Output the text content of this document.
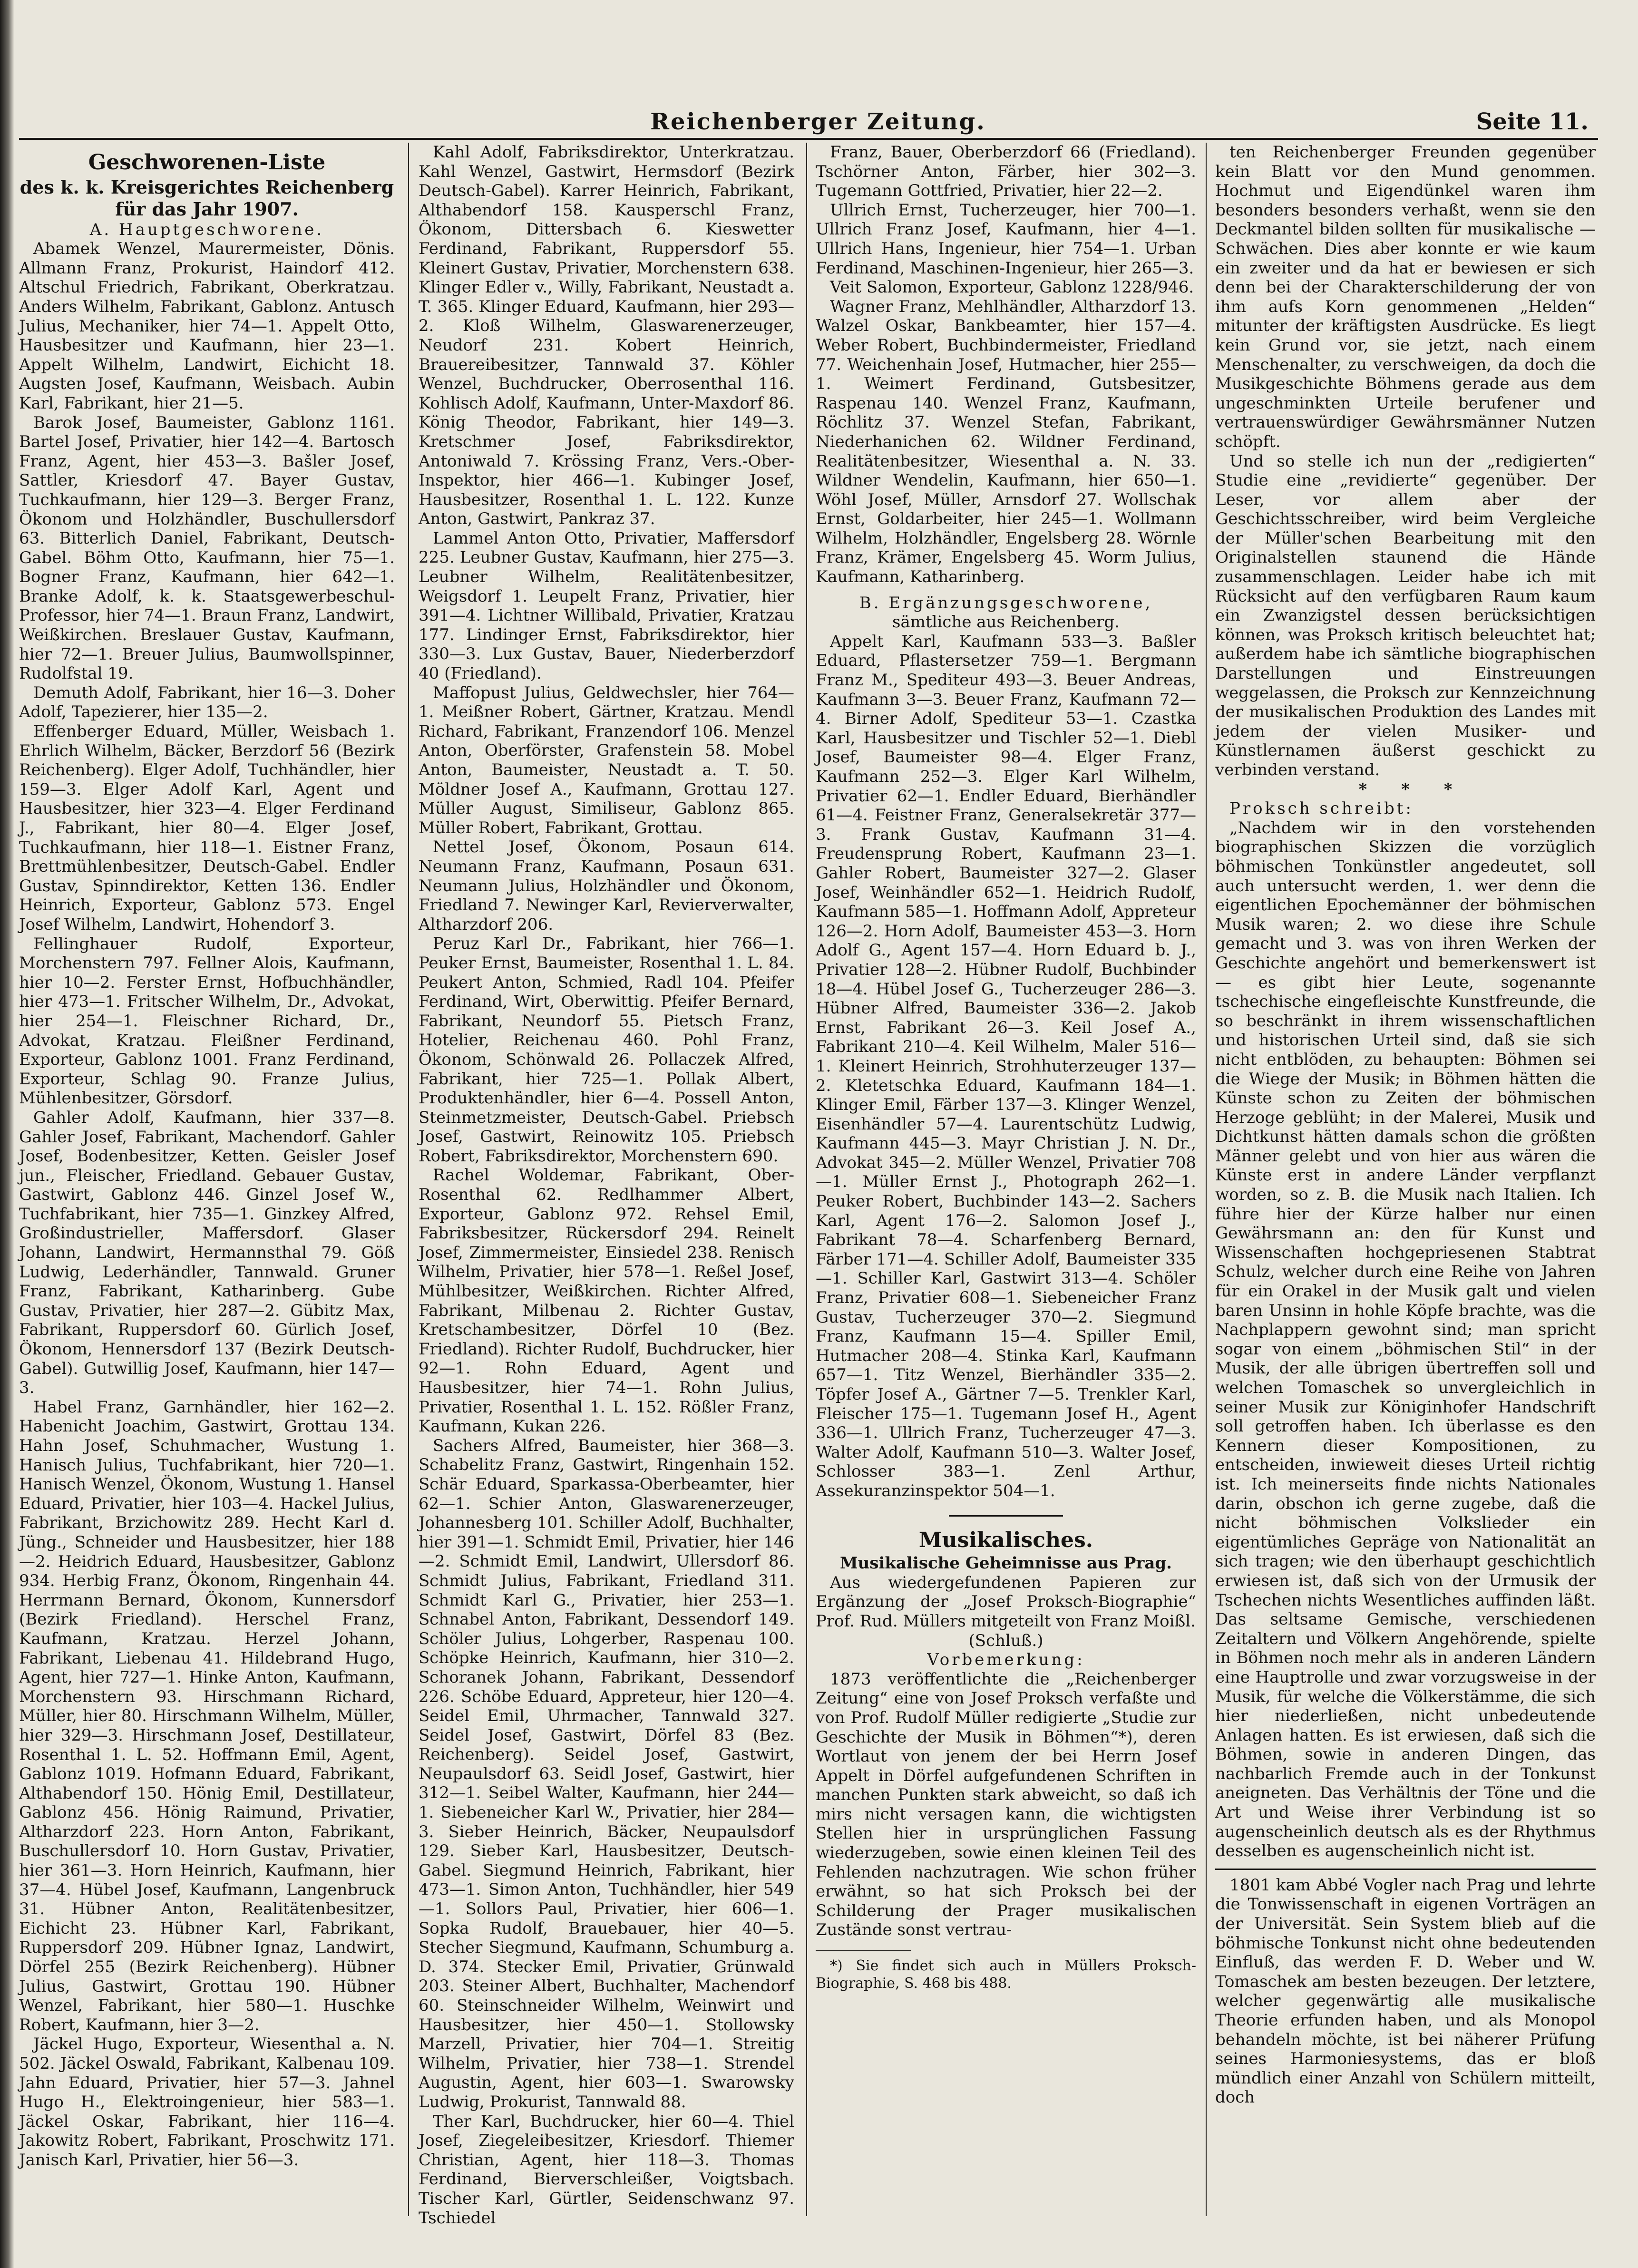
Reichenberger Zeitung.	Seite 11.

Geschworenen-Liste

des k. k. Kreisgerichtes Reichenberg für das Jahr 1907.

A. Hauptgeschworene.

Abamek Wenzel, Maurermeister, Dönis. Allmann Franz, Prokurist, Haindorf 412. Altschul Friedrich, Fabrikant, Oberkratzau. Anders Wilhelm, Fabrikant, Gablonz. Antusch Julius, Mechaniker, hier 74—1. Appelt Otto, Hausbesitzer und Kaufmann, hier 23—1. Appelt Wilhelm, Landwirt, Eichicht 18. Augsten Josef, Kaufmann, Weisbach. Aubin Karl, Fabrikant, hier 21—5.

Barok Josef, Baumeister, Gablonz 1161. Bartel Josef, Privatier, hier 142—4. Bartosch Franz, Agent, hier 453—3. Bašler Josef, Sattler, Kriesdorf 47. Bayer Gustav, Tuchkaufmann, hier 129—3. Berger Franz, Ökonom und Holzhändler, Buschullersdorf 63. Bitterlich Daniel, Fabrikant, Deutsch-Gabel. Böhm Otto, Kaufmann, hier 75—1. Bogner Franz, Kaufmann, hier 642—1. Branke Adolf, k. k. Staatsgewerbeschul-Professor, hier 74—1. Braun Franz, Landwirt, Weißkirchen. Breslauer Gustav, Kaufmann, hier 72—1. Breuer Julius, Baumwollspinner, Rudolfstal 19.

Demuth Adolf, Fabrikant, hier 16—3. Doher Adolf, Tapezierer, hier 135—2.

Effenberger Eduard, Müller, Weisbach 1. Ehrlich Wilhelm, Bäcker, Berzdorf 56 (Bezirk Reichenberg). Elger Adolf, Tuchhändler, hier 159—3. Elger Adolf Karl, Agent und Hausbesitzer, hier 323—4. Elger Ferdinand J., Fabrikant, hier 80—4. Elger Josef, Tuchkaufmann, hier 118—1. Eistner Franz, Brettmühlenbesitzer, Deutsch-Gabel. Endler Gustav, Spinndirektor, Ketten 136. Endler Heinrich, Exporteur, Gablonz 573. Engel Josef Wilhelm, Landwirt, Hohendorf 3.

Fellinghauer Rudolf, Exporteur, Morchenstern 797. Fellner Alois, Kaufmann, hier 10—2. Ferster Ernst, Hofbuchhändler, hier 473—1. Fritscher Wilhelm, Dr., Advokat, hier 254—1. Fleischner Richard, Dr., Advokat, Kratzau. Fleißner Ferdinand, Exporteur, Gablonz 1001. Franz Ferdinand, Exporteur, Schlag 90. Franze Julius, Mühlenbesitzer, Görsdorf.

Gahler Adolf, Kaufmann, hier 337—8. Gahler Josef, Fabrikant, Machendorf. Gahler Josef, Bodenbesitzer, Ketten. Geisler Josef jun., Fleischer, Friedland. Gebauer Gustav, Gastwirt, Gablonz 446. Ginzel Josef W., Tuchfabrikant, hier 735—1. Ginzkey Alfred, Großindustrieller, Maffersdorf. Glaser Johann, Landwirt, Hermannsthal 79. Göß Ludwig, Lederhändler, Tannwald. Gruner Franz, Fabrikant, Katharinberg. Gube Gustav, Privatier, hier 287—2. Gübitz Max, Fabrikant, Ruppersdorf 60. Gürlich Josef, Ökonom, Hennersdorf 137 (Bezirk Deutsch-Gabel). Gutwillig Josef, Kaufmann, hier 147—3.

Habel Franz, Garnhändler, hier 162—2. Habenicht Joachim, Gastwirt, Grottau 134. Hahn Josef, Schuhmacher, Wustung 1. Hanisch Julius, Tuchfabrikant, hier 720—1. Hanisch Wenzel, Ökonom, Wustung 1. Hansel Eduard, Privatier, hier 103—4. Hackel Julius, Fabrikant, Brzichowitz 289. Hecht Karl d. Jüng., Schneider und Hausbesitzer, hier 188—2. Heidrich Eduard, Hausbesitzer, Gablonz 934. Herbig Franz, Ökonom, Ringenhain 44. Herrmann Bernard, Ökonom, Kunnersdorf (Bezirk Friedland). Herschel Franz, Kaufmann, Kratzau. Herzel Johann, Fabrikant, Liebenau 41. Hildebrand Hugo, Agent, hier 727—1. Hinke Anton, Kaufmann, Morchenstern 93. Hirschmann Richard, Müller, hier 80. Hirschmann Wilhelm, Müller, hier 329—3. Hirschmann Josef, Destillateur, Rosenthal 1. L. 52. Hoffmann Emil, Agent, Gablonz 1019. Hofmann Eduard, Fabrikant, Althabendorf 150. Hönig Emil, Destillateur, Gablonz 456. Hönig Raimund, Privatier, Altharzdorf 223. Horn Anton, Fabrikant, Buschullersdorf 10. Horn Gustav, Privatier, hier 361—3. Horn Heinrich, Kaufmann, hier 37—4. Hübel Josef, Kaufmann, Langenbruck 31. Hübner Anton, Realitätenbesitzer, Eichicht 23. Hübner Karl, Fabrikant, Ruppersdorf 209. Hübner Ignaz, Landwirt, Dörfel 255 (Bezirk Reichenberg). Hübner Julius, Gastwirt, Grottau 190. Hübner Wenzel, Fabrikant, hier 580—1. Huschke Robert, Kaufmann, hier 3—2.

Jäckel Hugo, Exporteur, Wiesenthal a. N. 502. Jäckel Oswald, Fabrikant, Kalbenau 109. Jahn Eduard, Privatier, hier 57—3. Jahnel Hugo H., Elektroingenieur, hier 583—1. Jäckel Oskar, Fabrikant, hier 116—4. Jakowitz Robert, Fabrikant, Proschwitz 171. Janisch Karl, Privatier, hier 56—3.

Kahl Adolf, Fabriksdirektor, Unterkratzau. Kahl Wenzel, Gastwirt, Hermsdorf (Bezirk Deutsch-Gabel). Karrer Heinrich, Fabrikant, Althabendorf 158. Kausperschl Franz, Ökonom, Dittersbach 6. Kieswetter Ferdinand, Fabrikant, Ruppersdorf 55. Kleinert Gustav, Privatier, Morchenstern 638. Klinger Edler v., Willy, Fabrikant, Neustadt a. T. 365. Klinger Eduard, Kaufmann, hier 293—2. Kloß Wilhelm, Glaswarenerzeuger, Neudorf 231. Kobert Heinrich, Brauereibesitzer, Tannwald 37. Köhler Wenzel, Buchdrucker, Oberrosenthal 116. Kohlisch Adolf, Kaufmann, Unter-Maxdorf 86. König Theodor, Fabrikant, hier 149—3. Kretschmer Josef, Fabriksdirektor, Antoniwald 7. Krössing Franz, Vers.-Ober-Inspektor, hier 466—1. Kubinger Josef, Hausbesitzer, Rosenthal 1. L. 122. Kunze Anton, Gastwirt, Pankraz 37.

Lammel Anton Otto, Privatier, Maffersdorf 225. Leubner Gustav, Kaufmann, hier 275—3. Leubner Wilhelm, Realitätenbesitzer, Weigsdorf 1. Leupelt Franz, Privatier, hier 391—4. Lichtner Willibald, Privatier, Kratzau 177. Lindinger Ernst, Fabriksdirektor, hier 330—3. Lux Gustav, Bauer, Niederberzdorf 40 (Friedland).

Maffopust Julius, Geldwechsler, hier 764—1. Meißner Robert, Gärtner, Kratzau. Mendl Richard, Fabrikant, Franzendorf 106. Menzel Anton, Oberförster, Grafenstein 58. Mobel Anton, Baumeister, Neustadt a. T. 50. Möldner Josef A., Kaufmann, Grottau 127. Müller August, Similiseur, Gablonz 865. Müller Robert, Fabrikant, Grottau.

Nettel Josef, Ökonom, Posaun 614. Neumann Franz, Kaufmann, Posaun 631. Neumann Julius, Holzhändler und Ökonom, Friedland 7. Newinger Karl, Revierverwalter, Altharzdorf 206.

Peruz Karl Dr., Fabrikant, hier 766—1. Peuker Ernst, Baumeister, Rosenthal 1. L. 84. Peukert Anton, Schmied, Radl 104. Pfeifer Ferdinand, Wirt, Oberwittig. Pfeifer Bernard, Fabrikant, Neundorf 55. Pietsch Franz, Hotelier, Reichenau 460. Pohl Franz, Ökonom, Schönwald 26. Pollaczek Alfred, Fabrikant, hier 725—1. Pollak Albert, Produktenhändler, hier 6—4. Possell Anton, Steinmetzmeister, Deutsch-Gabel. Priebsch Josef, Gastwirt, Reinowitz 105. Priebsch Robert, Fabriksdirektor, Morchenstern 690.

Rachel Woldemar, Fabrikant, Ober-Rosenthal 62. Redlhammer Albert, Exporteur, Gablonz 972. Rehsel Emil, Fabriksbesitzer, Rückersdorf 294. Reinelt Josef, Zimmermeister, Einsiedel 238. Renisch Wilhelm, Privatier, hier 578—1. Reßel Josef, Mühlbesitzer, Weißkirchen. Richter Alfred, Fabrikant, Milbenau 2. Richter Gustav, Kretschambesitzer, Dörfel 10 (Bez. Friedland). Richter Rudolf, Buchdrucker, hier 92—1. Rohn Eduard, Agent und Hausbesitzer, hier 74—1. Rohn Julius, Privatier, Rosenthal 1. L. 152. Rößler Franz, Kaufmann, Kukan 226.

Sachers Alfred, Baumeister, hier 368—3. Schabelitz Franz, Gastwirt, Ringenhain 152. Schär Eduard, Sparkassa-Oberbeamter, hier 62—1. Schier Anton, Glaswarenerzeuger, Johannesberg 101. Schiller Adolf, Buchhalter, hier 391—1. Schmidt Emil, Privatier, hier 146—2. Schmidt Emil, Landwirt, Ullersdorf 86. Schmidt Julius, Fabrikant, Friedland 311. Schmidt Karl G., Privatier, hier 253—1. Schnabel Anton, Fabrikant, Dessendorf 149. Schöler Julius, Lohgerber, Raspenau 100. Schöpke Heinrich, Kaufmann, hier 310—2. Schoranek Johann, Fabrikant, Dessendorf 226. Schöbe Eduard, Appreteur, hier 120—4. Seidel Emil, Uhrmacher, Tannwald 327. Seidel Josef, Gastwirt, Dörfel 83 (Bez. Reichenberg). Seidel Josef, Gastwirt, Neupaulsdorf 63. Seidl Josef, Gastwirt, hier 312—1. Seibel Walter, Kaufmann, hier 244—1. Siebeneicher Karl W., Privatier, hier 284—3. Sieber Heinrich, Bäcker, Neupaulsdorf 129. Sieber Karl, Hausbesitzer, Deutsch-Gabel. Siegmund Heinrich, Fabrikant, hier 473—1. Simon Anton, Tuchhändler, hier 549—1. Sollors Paul, Privatier, hier 606—1. Sopka Rudolf, Brauebauer, hier 40—5. Stecher Siegmund, Kaufmann, Schumburg a. D. 374. Stecker Emil, Privatier, Grünwald 203. Steiner Albert, Buchhalter, Machendorf 60. Steinschneider Wilhelm, Weinwirt und Hausbesitzer, hier 450—1. Stollowsky Marzell, Privatier, hier 704—1. Streitig Wilhelm, Privatier, hier 738—1. Strendel Augustin, Agent, hier 603—1. Swarowsky Ludwig, Prokurist, Tannwald 88.

Ther Karl, Buchdrucker, hier 60—4. Thiel Josef, Ziegeleibesitzer, Kriesdorf. Thiemer Christian, Agent, hier 118—3. Thomas Ferdinand, Bierverschleißer, Voigtsbach. Tischer Karl, Gürtler, Seidenschwanz 97. Tschiedel

Franz, Bauer, Oberberzdorf 66 (Friedland). Tschörner Anton, Färber, hier 302—3. Tugemann Gottfried, Privatier, hier 22—2.

Ullrich Ernst, Tucherzeuger, hier 700—1. Ullrich Franz Josef, Kaufmann, hier 4—1. Ullrich Hans, Ingenieur, hier 754—1. Urban Ferdinand, Maschinen-Ingenieur, hier 265—3.

Veit Salomon, Exporteur, Gablonz 1228/946.

Wagner Franz, Mehlhändler, Altharzdorf 13. Walzel Oskar, Bankbeamter, hier 157—4. Weber Robert, Buchbindermeister, Friedland 77. Weichenhain Josef, Hutmacher, hier 255—1. Weimert Ferdinand, Gutsbesitzer, Raspenau 140. Wenzel Franz, Kaufmann, Röchlitz 37. Wenzel Stefan, Fabrikant, Niederhanichen 62. Wildner Ferdinand, Realitätenbesitzer, Wiesenthal a. N. 33. Wildner Wendelin, Kaufmann, hier 650—1. Wöhl Josef, Müller, Arnsdorf 27. Wollschak Ernst, Goldarbeiter, hier 245—1. Wollmann Wilhelm, Holzhändler, Engelsberg 28. Wörnle Franz, Krämer, Engelsberg 45. Worm Julius, Kaufmann, Katharinberg.

B. Ergänzungsgeschworene,

sämtliche aus Reichenberg.

Appelt Karl, Kaufmann 533—3. Baßler Eduard, Pflastersetzer 759—1. Bergmann Franz M., Spediteur 493—3. Beuer Andreas, Kaufmann 3—3. Beuer Franz, Kaufmann 72—4. Birner Adolf, Spediteur 53—1. Czastka Karl, Hausbesitzer und Tischler 52—1. Diebl Josef, Baumeister 98—4. Elger Franz, Kaufmann 252—3. Elger Karl Wilhelm, Privatier 62—1. Endler Eduard, Bierhändler 61—4. Feistner Franz, Generalsekretär 377—3. Frank Gustav, Kaufmann 31—4. Freudensprung Robert, Kaufmann 23—1. Gahler Robert, Baumeister 327—2. Glaser Josef, Weinhändler 652—1. Heidrich Rudolf, Kaufmann 585—1. Hoffmann Adolf, Appreteur 126—2. Horn Adolf, Baumeister 453—3. Horn Adolf G., Agent 157—4. Horn Eduard b. J., Privatier 128—2. Hübner Rudolf, Buchbinder 18—4. Hübel Josef G., Tucherzeuger 286—3. Hübner Alfred, Baumeister 336—2. Jakob Ernst, Fabrikant 26—3. Keil Josef A., Fabrikant 210—4. Keil Wilhelm, Maler 516—1. Kleinert Heinrich, Strohhuterzeuger 137—2. Kletetschka Eduard, Kaufmann 184—1. Klinger Emil, Färber 137—3. Klinger Wenzel, Eisenhändler 57—4. Laurentschütz Ludwig, Kaufmann 445—3. Mayr Christian J. N. Dr., Advokat 345—2. Müller Wenzel, Privatier 708—1. Müller Ernst J., Photograph 262—1. Peuker Robert, Buchbinder 143—2. Sachers Karl, Agent 176—2. Salomon Josef J., Fabrikant 78—4. Scharfenberg Bernard, Färber 171—4. Schiller Adolf, Baumeister 335—1. Schiller Karl, Gastwirt 313—4. Schöler Franz, Privatier 608—1. Siebeneicher Franz Gustav, Tucherzeuger 370—2. Siegmund Franz, Kaufmann 15—4. Spiller Emil, Hutmacher 208—4. Stinka Karl, Kaufmann 657—1. Titz Wenzel, Bierhändler 335—2. Töpfer Josef A., Gärtner 7—5. Trenkler Karl, Fleischer 175—1. Tugemann Josef H., Agent 336—1. Ullrich Franz, Tucherzeuger 47—3. Walter Adolf, Kaufmann 510—3. Walter Josef, Schlosser 383—1. Zenl Arthur, Assekuranzinspektor 504—1.

Musikalisches.

Musikalische Geheimnisse aus Prag.

Aus wiedergefundenen Papieren zur Ergänzung der „Josef Proksch-Biographie“ Prof. Rud. Müllers mitgeteilt von Franz Moißl.

(Schluß.)

Vorbemerkung:

1873 veröffentlichte die „Reichenberger Zeitung“ eine von Josef Proksch verfaßte und von Prof. Rudolf Müller redigierte „Studie zur Geschichte der Musik in Böhmen“*), deren Wortlaut von jenem der bei Herrn Josef Appelt in Dörfel aufgefundenen Schriften in manchen Punkten stark abweicht, so daß ich mirs nicht versagen kann, die wichtigsten Stellen hier in ursprünglichen Fassung wiederzugeben, sowie einen kleinen Teil des Fehlenden nachzutragen. Wie schon früher erwähnt, so hat sich Proksch bei der Schilderung der Prager musikalischen Zustände sonst vertrau-

*) Sie findet sich auch in Müllers Proksch-Biographie, S. 468 bis 488.

ten Reichenberger Freunden gegenüber kein Blatt vor den Mund genommen. Hochmut und Eigendünkel waren ihm besonders besonders verhaßt, wenn sie den Deckmantel bilden sollten für musikalische — Schwächen. Dies aber konnte er wie kaum ein zweiter und da hat er bewiesen er sich denn bei der Charakterschilderung der von ihm aufs Korn genommenen „Helden“ mitunter der kräftigsten Ausdrücke. Es liegt kein Grund vor, sie jetzt, nach einem Menschenalter, zu verschweigen, da doch die Musikgeschichte Böhmens gerade aus dem ungeschminkten Urteile berufener und vertrauenswürdiger Gewährsmänner Nutzen schöpft.

Und so stelle ich nun der „redigierten“ Studie eine „revidierte“ gegenüber. Der Leser, vor allem aber der Geschichtsschreiber, wird beim Vergleiche der Müller'schen Bearbeitung mit den Originalstellen staunend die Hände zusammenschlagen. Leider habe ich mit Rücksicht auf den verfügbaren Raum kaum ein Zwanzigstel dessen berücksichtigen können, was Proksch kritisch beleuchtet hat; außerdem habe ich sämtliche biographischen Darstellungen und Einstreuungen weggelassen, die Proksch zur Kennzeichnung der musikalischen Produktion des Landes mit jedem der vielen Musiker- und Künstlernamen äußerst geschickt zu verbinden verstand.

* * *

Proksch schreibt:

„Nachdem wir in den vorstehenden biographischen Skizzen die vorzüglich böhmischen Tonkünstler angedeutet, soll auch untersucht werden, 1. wer denn die eigentlichen Epochemänner der böhmischen Musik waren; 2. wo diese ihre Schule gemacht und 3. was von ihren Werken der Geschichte angehört und bemerkenswert ist — es gibt hier Leute, sogenannte tschechische eingefleischte Kunstfreunde, die so beschränkt in ihrem wissenschaftlichen und historischen Urteil sind, daß sie sich nicht entblöden, zu behaupten: Böhmen sei die Wiege der Musik; in Böhmen hätten die Künste schon zu Zeiten der böhmischen Herzoge geblüht; in der Malerei, Musik und Dichtkunst hätten damals schon die größten Männer gelebt und von hier aus wären die Künste erst in andere Länder verpflanzt worden, so z. B. die Musik nach Italien. Ich führe hier der Kürze halber nur einen Gewährsmann an: den für Kunst und Wissenschaften hochgepriesenen Stabtrat Schulz, welcher durch eine Reihe von Jahren für ein Orakel in der Musik galt und vielen baren Unsinn in hohle Köpfe brachte, was die Nachplappern gewohnt sind; man spricht sogar von einem „böhmischen Stil“ in der Musik, der alle übrigen übertreffen soll und welchen Tomaschek so unvergleichlich in seiner Musik zur Königinhofer Handschrift soll getroffen haben. Ich überlasse es den Kennern dieser Kompositionen, zu entscheiden, inwieweit dieses Urteil richtig ist. Ich meinerseits finde nichts Nationales darin, obschon ich gerne zugebe, daß die nicht böhmischen Volkslieder ein eigentümliches Gepräge von Nationalität an sich tragen; wie den überhaupt geschichtlich erwiesen ist, daß sich von der Urmusik der Tschechen nichts Wesentliches auffinden läßt. Das seltsame Gemische, verschiedenen Zeitaltern und Völkern Angehörende, spielte in Böhmen noch mehr als in anderen Ländern eine Hauptrolle und zwar vorzugsweise in der Musik, für welche die Völkerstämme, die sich hier niederließen, nicht unbedeutende Anlagen hatten. Es ist erwiesen, daß sich die Böhmen, sowie in anderen Dingen, das nachbarlich Fremde auch in der Tonkunst aneigneten. Das Verhältnis der Töne und die Art und Weise ihrer Verbindung ist so augenscheinlich deutsch als es der Rhythmus desselben es augenscheinlich nicht ist.

1801 kam Abbé Vogler nach Prag und lehrte die Tonwissenschaft in eigenen Vorträgen an der Universität. Sein System blieb auf die böhmische Tonkunst nicht ohne bedeutenden Einfluß, das werden F. D. Weber und W. Tomaschek am besten bezeugen. Der letztere, welcher gegenwärtig alle musikalische Theorie erfunden haben, und als Monopol behandeln möchte, ist bei näherer Prüfung seines Harmoniesystems, das er bloß mündlich einer Anzahl von Schülern mitteilt, doch
